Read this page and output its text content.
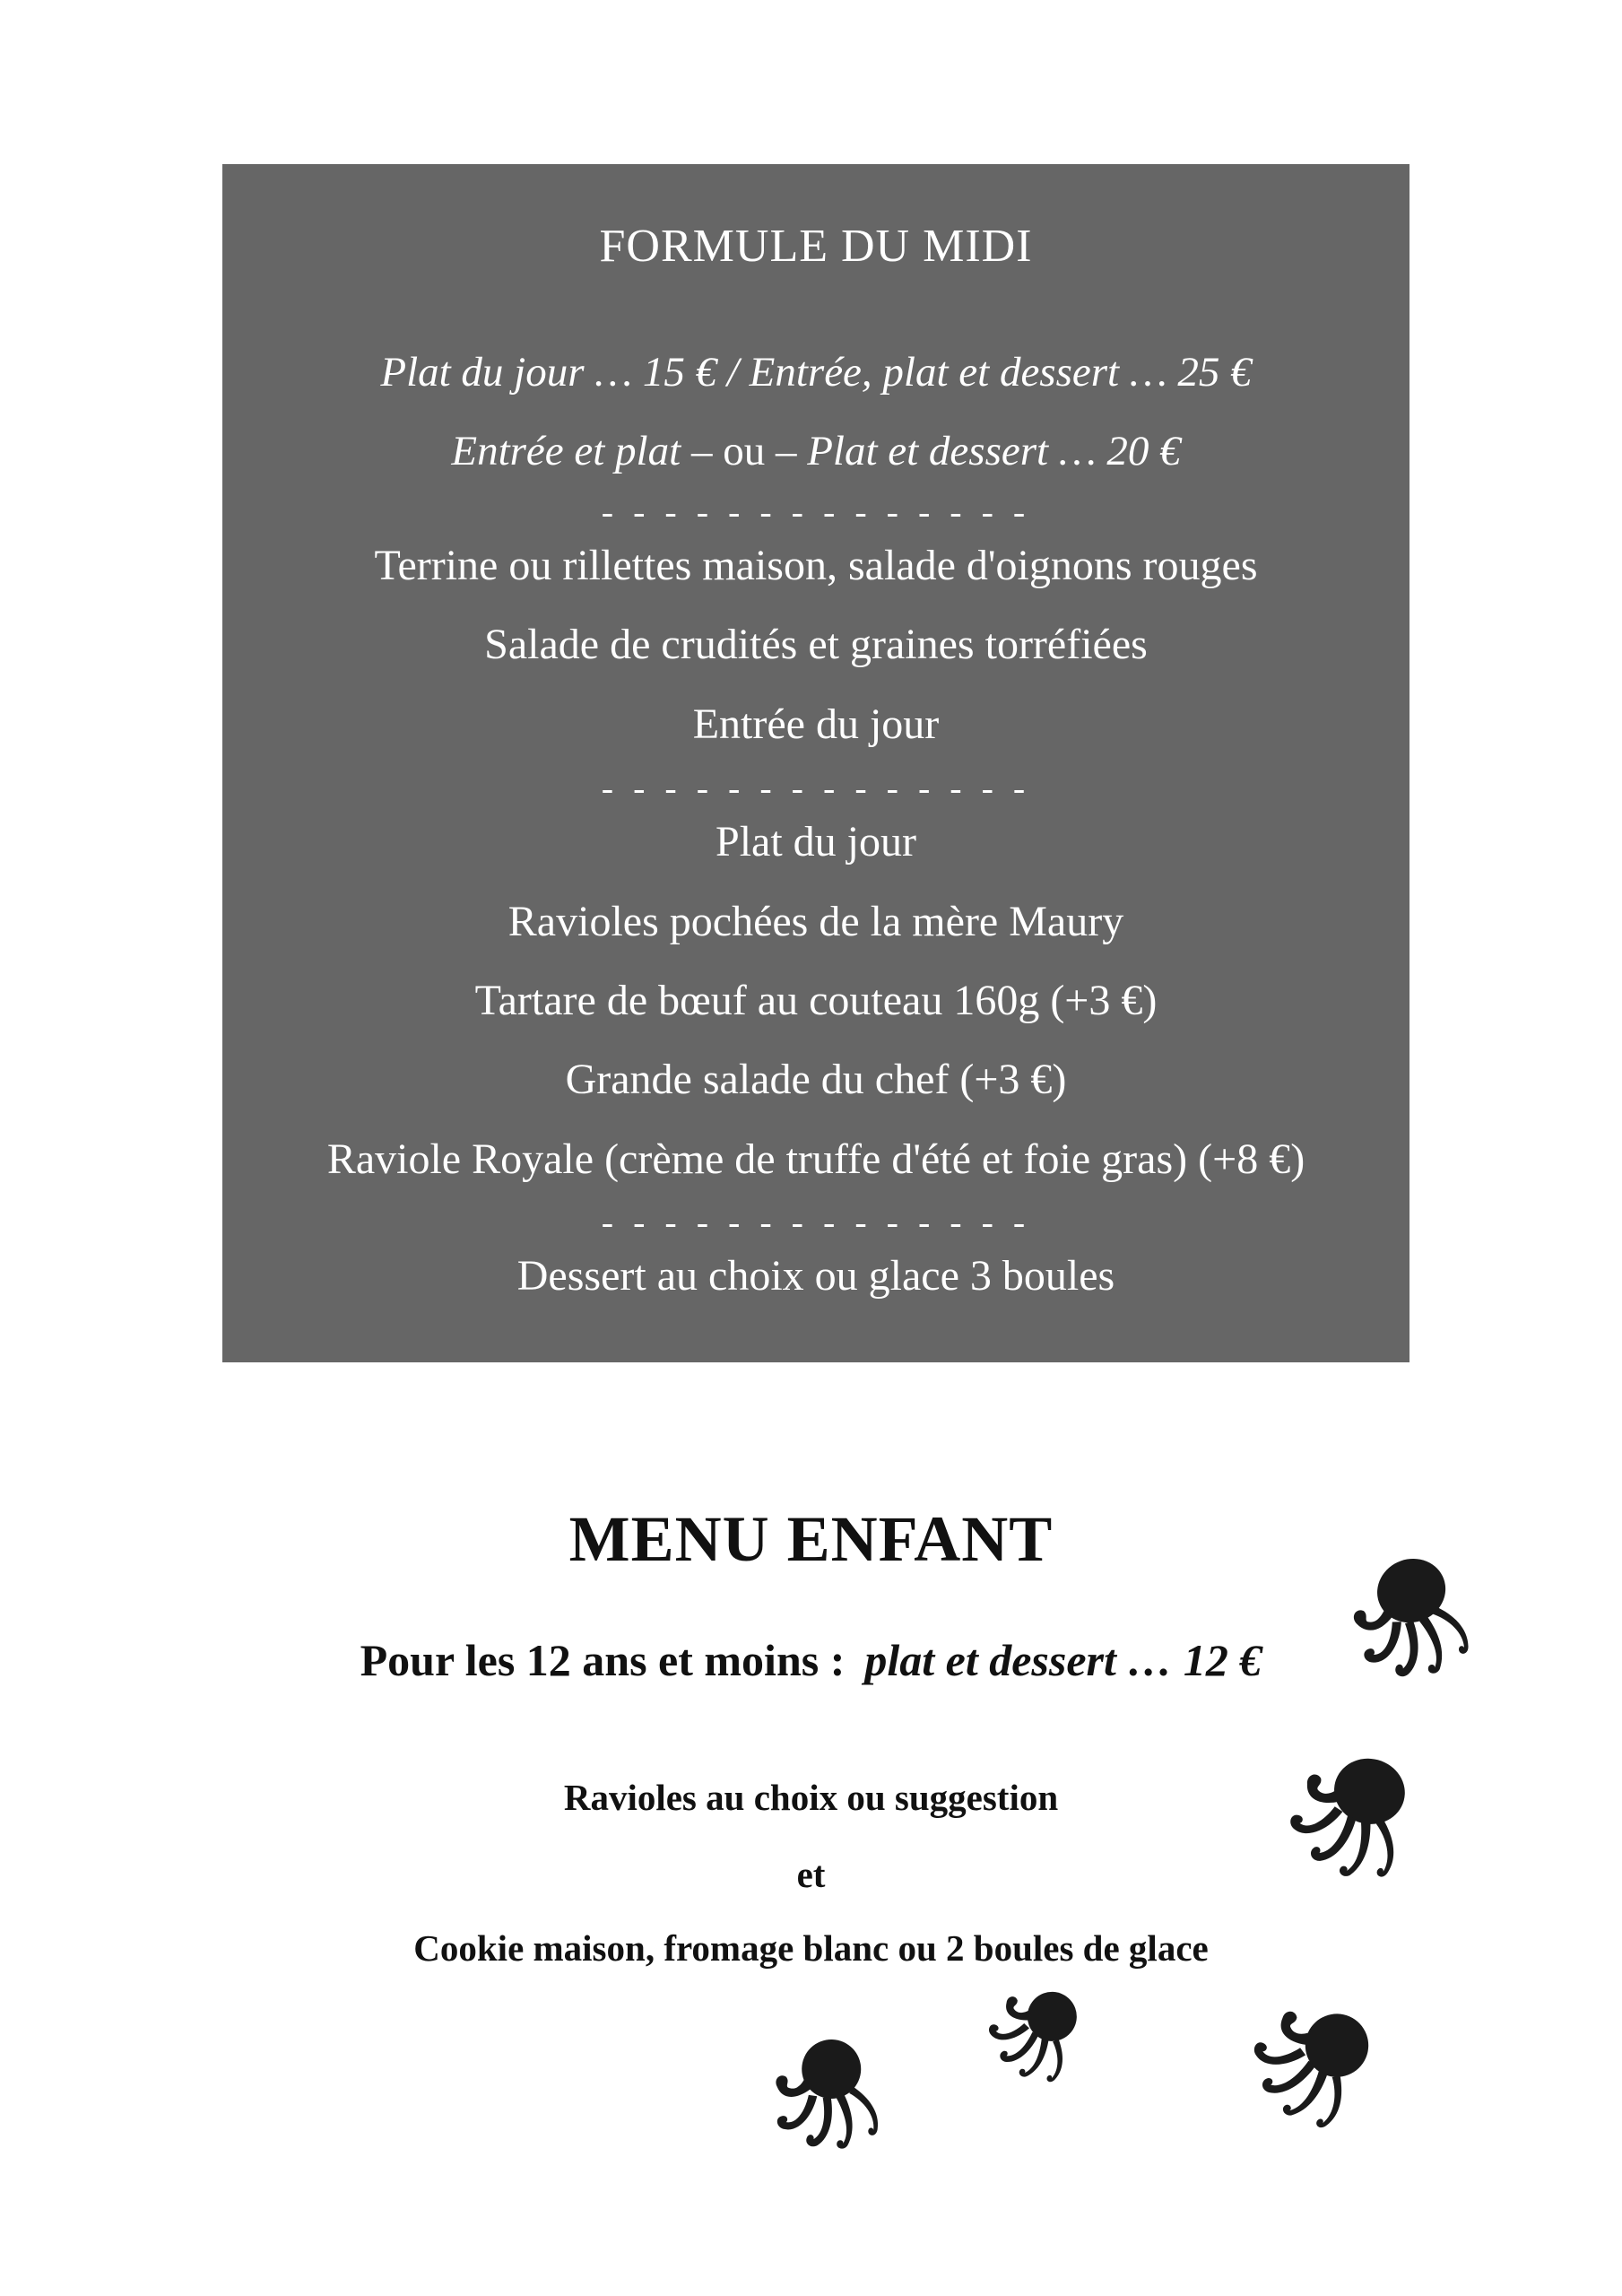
FORMULE DU MIDI
Plat du jour … 15 € / Entrée, plat et dessert … 25 €
Entrée et plat – ou – Plat et dessert … 20 €
- - - - - - - - - - - - - -
Terrine ou rillettes maison, salade d'oignons rouges
Salade de crudités et graines torréfiées
Entrée du jour
- - - - - - - - - - - - - -
Plat du jour
Ravioles pochées de la mère Maury
Tartare de bœuf au couteau 160g (+3 €)
Grande salade du chef (+3 €)
Raviole Royale (crème de truffe d'été et foie gras) (+8 €)
- - - - - - - - - - - - - -
Dessert au choix ou glace 3 boules
MENU ENFANT
Pour les 12 ans et moins : plat et dessert … 12 €
Ravioles au choix ou suggestion
et
Cookie maison, fromage blanc ou 2 boules de glace
